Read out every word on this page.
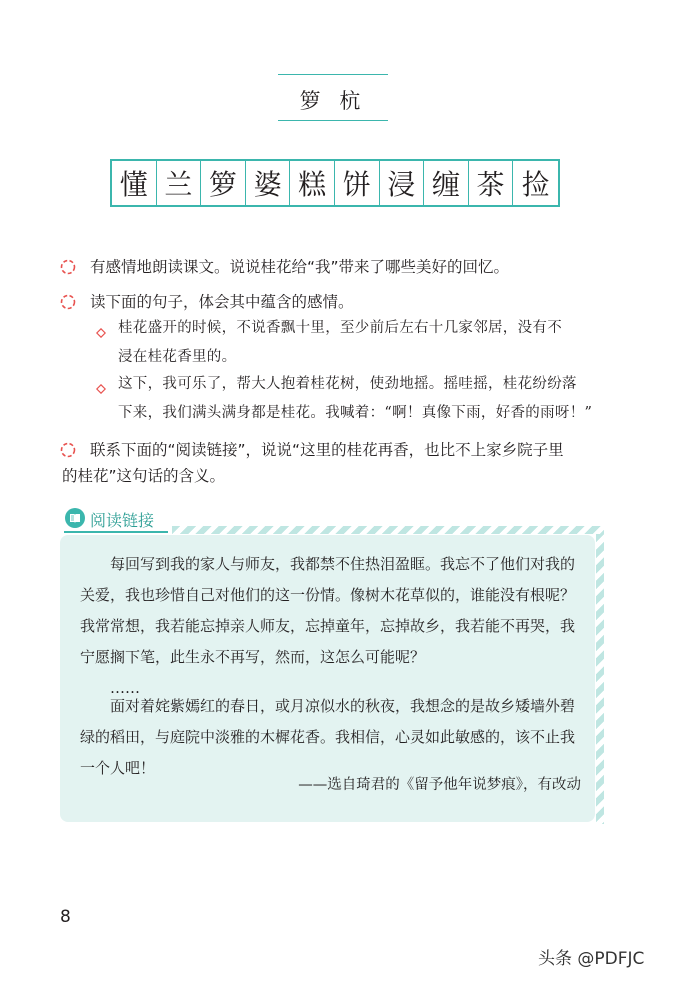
箩 杭
懂 兰 箩 婆 糕 饼 浸 缠 茶 捡
有感情地朗读课文。说说桂花给“我”带来了哪些美好的回忆。
读下面的句子，体会其中蕴含的感情。
桂花盛开的时候，不说香飘十里，至少前后左右十几家邻居，没有不
浸在桂花香里的。
这下，我可乐了，帮大人抱着桂花树，使劲地摇。摇哇摇，桂花纷纷落
下来，我们满头满身都是桂花。我喊着：“啊！真像下雨，好香的雨呀！”
联系下面的“阅读链接”，说说“这里的桂花再香，也比不上家乡院子里
的桂花”这句话的含义。
阅读链接
每回写到我的家人与师友，我都禁不住热泪盈眶。我忘不了他们对我的关爱，我也珍惜自己对他们的这一份情。像树木花草似的，谁能没有根呢？我常常想，我若能忘掉亲人师友，忘掉童年，忘掉故乡，我若能不再哭，我宁愿搁下笔，此生永不再写，然而，这怎么可能呢？
……
面对着姹紫嫣红的春日，或月凉似水的秋夜，我想念的是故乡矮墙外碧绿的稻田，与庭院中淡雅的木樨花香。我相信，心灵如此敏感的，该不止我一个人吧！
——选自琦君的《留予他年说梦痕》，有改动
8
头条 @PDFJC
